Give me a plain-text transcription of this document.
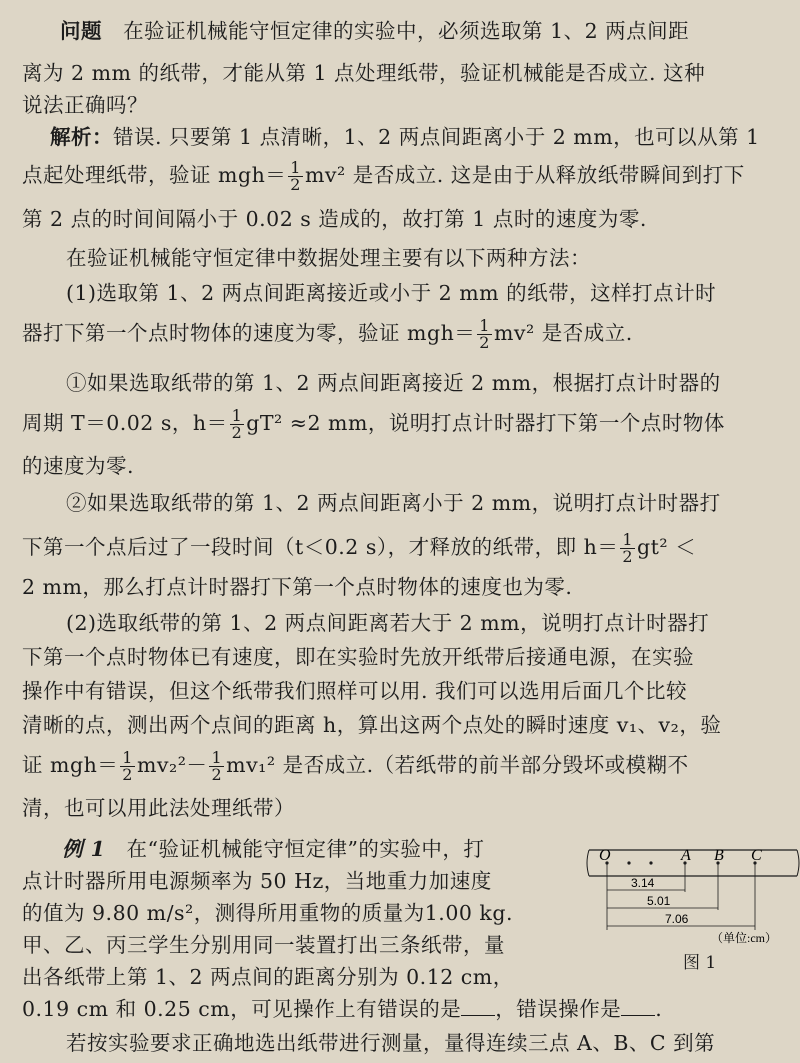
问题 在验证机械能守恒定律的实验中，必须选取第 1、2 两点间距
离为 2 mm 的纸带，才能从第 1 点处理纸带，验证机械能是否成立. 这种
说法正确吗？
解析：错误. 只要第 1 点清晰，1、2 两点间距离小于 2 mm，也可以从第 1
点起处理纸带，验证 $mgh= \frac{1}{2} mv^2$ 是否成立. 这是由于从释放纸带瞬间到打下
第 2 点的时间间隔小于 0.02 s 造成的，故打第 1 点时的速度为零.
在验证机械能守恒定律中数据处理主要有以下两种方法：
(1)选取第 1、2 两点间距离接近或小于 2 mm 的纸带，这样打点计时
器打下第一个点时物体的速度为零，验证 $mgh= \frac{1}{2} mv^2$ 是否成立.
①如果选取纸带的第 1、2 两点间距离接近 2 mm，根据打点计时器的
周期 T＝0.02 s，$h= \frac{1}{2} gT^2 \approx 2$ mm，说明打点计时器打下第一个点时物体
的速度为零.
②如果选取纸带的第 1、2 两点间距离小于 2 mm，说明打点计时器打
下第一个点后过了一段时间（t＜0.2 s），才释放的纸带，即 $h= \frac{1}{2} gt^2$ ＜
2 mm，那么打点计时器打下第一个点时物体的速度也为零.
(2)选取纸带的第 1、2 两点间距离若大于 2 mm，说明打点计时器打
下第一个点时物体已有速度，即在实验时先放开纸带后接通电源，在实验
操作中有错误，但这个纸带我们照样可以用. 我们可以选用后面几个比较
清晰的点，测出两个点间的距离 h，算出这两个点处的瞬时速度 v₁、v₂，验
证 $mgh= \frac{1}{2} mv_2^2- \frac{1}{2} mv_1^2$ 是否成立.（若纸带的前半部分毁坏或模糊不
清，也可以用此法处理纸带）
例 1 在“验证机械能守恒定律”的实验中，打
点计时器所用电源频率为 50 Hz，当地重力加速度
的值为 9.80 m/s²，测得所用重物的质量为1.00 kg.
甲、乙、丙三学生分别用同一装置打出三条纸带，量
出各纸带上第 1、2 两点间的距离分别为 0.12 cm，
0.19 cm 和 0.25 cm，可见操作上有错误的是 ，错误操作是 .
若按实验要求正确地选出纸带进行测量，量得连续三点 A、B、C 到第
O	A B C
3.14
5.01
7.06
（单位:cm）
图 1
